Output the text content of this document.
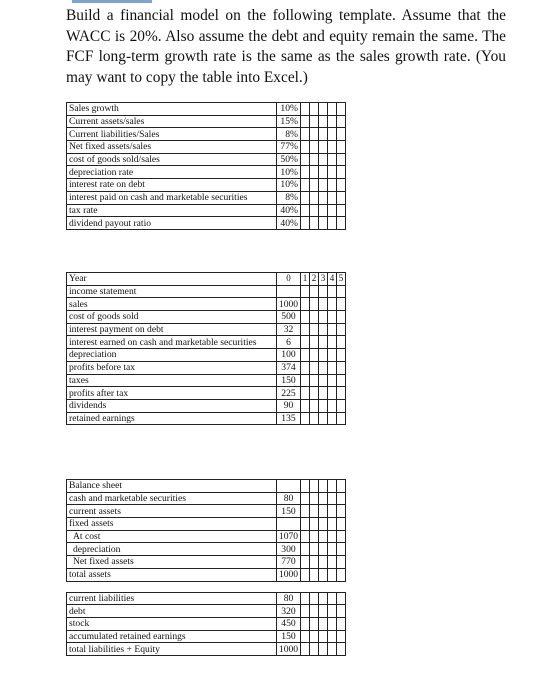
Build a financial model on the following template. Assume that the WACC is 20%. Also assume the debt and equity remain the same. The FCF long-term growth rate is the same as the sales growth rate. (You may want to copy the table into Excel.)

Sales growth	10%					
Current assets/sales	15%					
Current liabilities/Sales	8%					
Net fixed assets/sales	77%					
cost of goods sold/sales	50%					
depreciation rate	10%					
interest rate on debt	10%					
interest paid on cash and marketable securities	8%					
tax rate	40%					
dividend payout ratio	40%					
Year	0	1	2	3	4	5
income statement						
sales	1000					
cost of goods sold	500					
interest payment on debt	32					
interest earned on cash and marketable securities	6					
depreciation	100					
profits before tax	374					
taxes	150					
profits after tax	225					
dividends	90					
retained earnings	135					
Balance sheet						
cash and marketable securities	80					
current assets	150					
fixed assets						
At cost	1070					
depreciation	300					
Net fixed assets	770					
total assets	1000					

current liabilities	80					
debt	320					
stock	450					
accumulated retained earnings	150					
total liabilities + Equity	1000					
